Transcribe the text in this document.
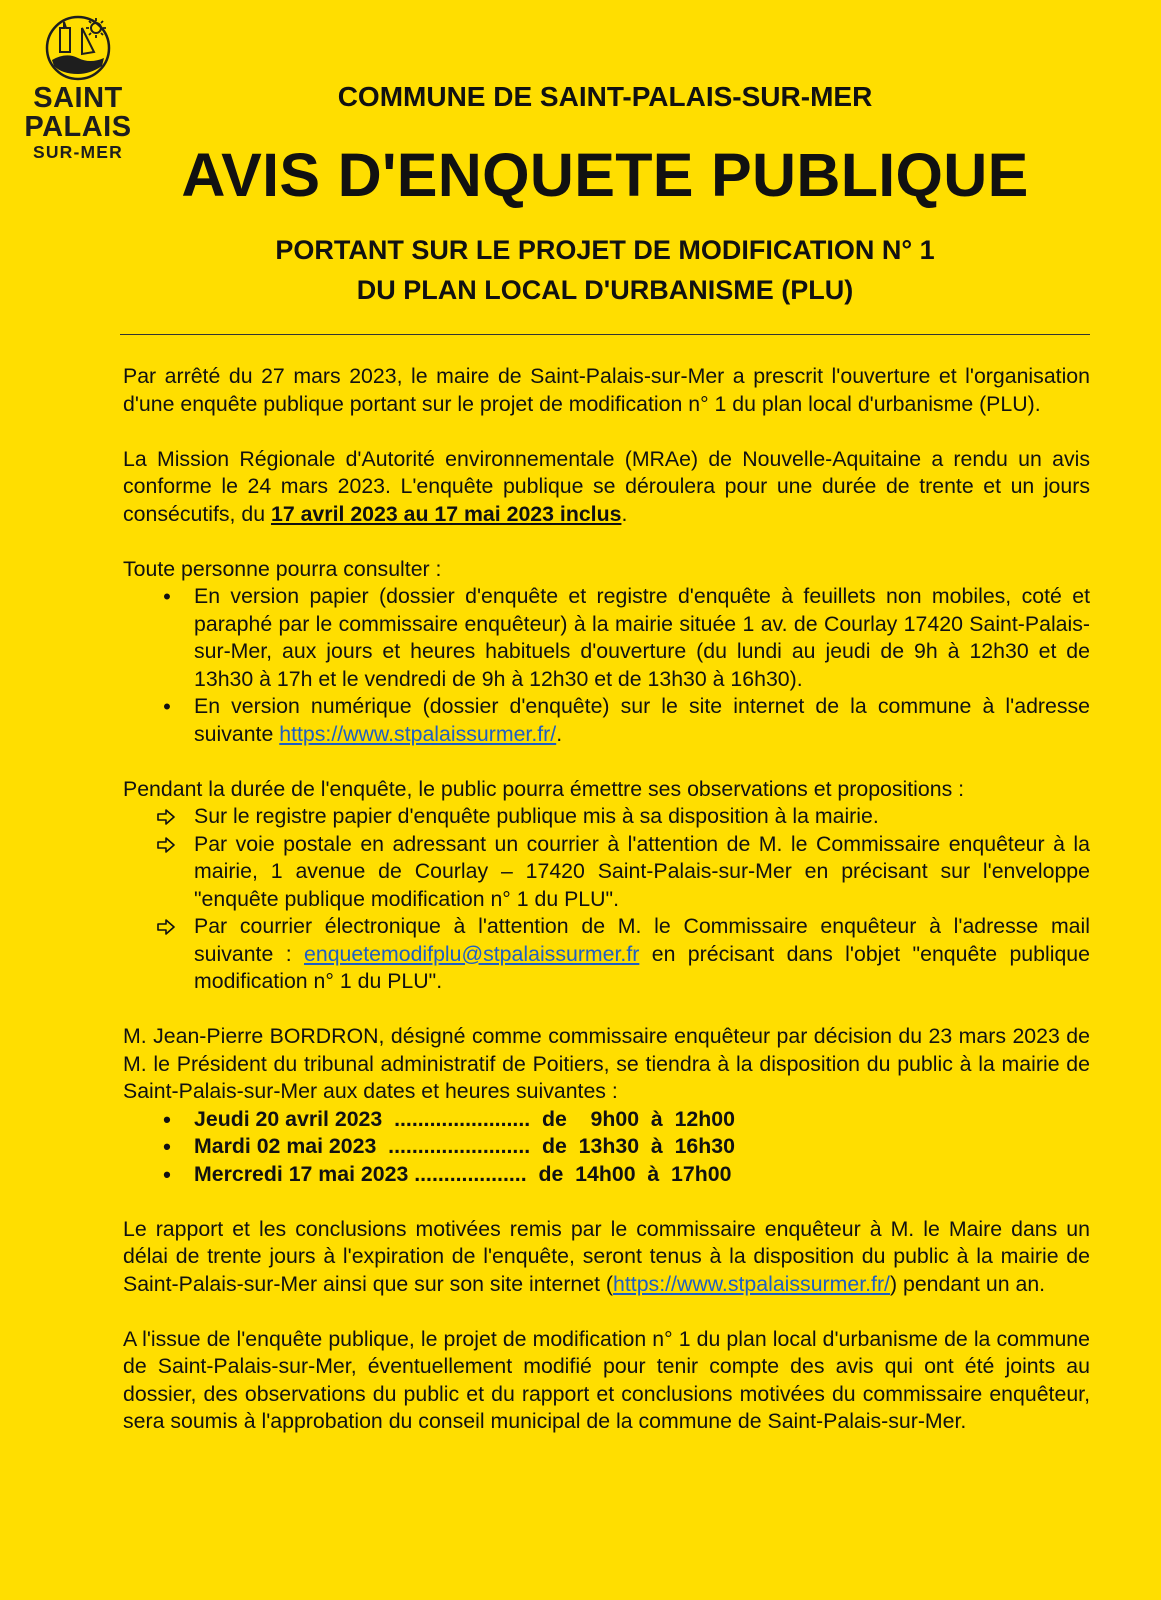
SAINT
PALAIS
SUR-MER
COMMUNE DE SAINT-PALAIS-SUR-MER
AVIS D'ENQUETE PUBLIQUE
PORTANT SUR LE PROJET DE MODIFICATION N° 1
DU PLAN LOCAL D'URBANISME (PLU)

Par arrêté du 27 mars 2023, le maire de Saint-Palais-sur-Mer a prescrit l'ouverture et l'organisation d'une enquête publique portant sur le projet de modification n° 1 du plan local d'urbanisme (PLU).

La Mission Régionale d'Autorité environnementale (MRAe) de Nouvelle-Aquitaine a rendu un avis conforme le 24 mars 2023. L'enquête publique se déroulera pour une durée de trente et un jours consécutifs, du 17 avril 2023 au 17 mai 2023 inclus.

Toute personne pourra consulter :
•
En version papier (dossier d'enquête et registre d'enquête à feuillets non mobiles, coté et paraphé par le commissaire enquêteur) à la mairie située 1 av. de Courlay 17420 Saint-Palais-sur-Mer, aux jours et heures habituels d'ouverture (du lundi au jeudi de 9h à 12h30 et de 13h30 à 17h et le vendredi de 9h à 12h30 et de 13h30 à 16h30).
•
En version numérique (dossier d'enquête) sur le site internet de la commune à l'adresse suivante https://www.stpalaissurmer.fr/.
Pendant la durée de l'enquête, le public pourra émettre ses observations et propositions :
Sur le registre papier d'enquête publique mis à sa disposition à la mairie.
Par voie postale en adressant un courrier à l'attention de M. le Commissaire enquêteur à la mairie, 1 avenue de Courlay – 17420 Saint-Palais-sur-Mer en précisant sur l'enveloppe "enquête publique modification n° 1 du PLU".
Par courrier électronique à l'attention de M. le Commissaire enquêteur à l'adresse mail suivante : enquetemodifplu@stpalaissurmer.fr en précisant dans l'objet "enquête publique modification n° 1 du PLU".
M. Jean-Pierre BORDRON, désigné comme commissaire enquêteur par décision du 23 mars 2023 de M. le Président du tribunal administratif de Poitiers, se tiendra à la disposition du public à la mairie de Saint-Palais-sur-Mer aux dates et heures suivantes :
•
Jeudi 20 avril 2023  .......................  de    9h00  à  12h00
•
Mardi 02 mai 2023  ........................  de  13h30  à  16h30
•
Mercredi 17 mai 2023 ...................  de  14h00  à  17h00

Le rapport et les conclusions motivées remis par le commissaire enquêteur à M. le Maire dans un délai de trente jours à l'expiration de l'enquête, seront tenus à la disposition du public à la mairie de Saint-Palais-sur-Mer ainsi que sur son site internet (https://www.stpalaissurmer.fr/) pendant un an.

A l'issue de l'enquête publique, le projet de modification n° 1 du plan local d'urbanisme de la commune de Saint-Palais-sur-Mer, éventuellement modifié pour tenir compte des avis qui ont été joints au dossier, des observations du public et du rapport et conclusions motivées du commissaire enquêteur, sera soumis à l'approbation du conseil municipal de la commune de Saint-Palais-sur-Mer.
